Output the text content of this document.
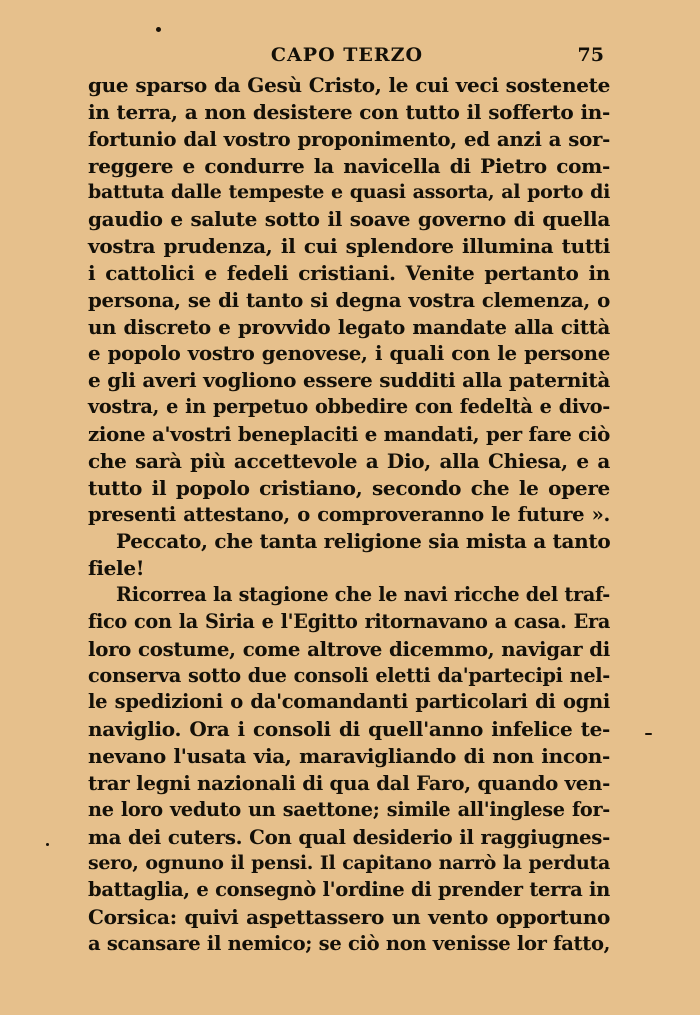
CAPO TERZO	75
gue sparso da Gesù Cristo, le cui veci sostenete
in terra, a non desistere con tutto il sofferto in-
fortunio dal vostro proponimento, ed anzi a sor-
reggere e condurre la navicella di Pietro com-
battuta dalle tempeste e quasi assorta, al porto di
gaudio e salute sotto il soave governo di quella
vostra prudenza, il cui splendore illumina tutti
i cattolici e fedeli cristiani. Venite pertanto in
persona, se di tanto si degna vostra clemenza, o
un discreto e provvido legato mandate alla città
e popolo vostro genovese, i quali con le persone
e gli averi vogliono essere sudditi alla paternità
vostra, e in perpetuo obbedire con fedeltà e divo-
zione a'vostri beneplaciti e mandati, per fare ciò
che sarà più accettevole a Dio, alla Chiesa, e a
tutto il popolo cristiano, secondo che le opere
presenti attestano, o comproveranno le future ».
Peccato, che tanta religione sia mista a tanto
fiele!
Ricorrea la stagione che le navi ricche del traf-
fico con la Siria e l'Egitto ritornavano a casa. Era
loro costume, come altrove dicemmo, navigar di
conserva sotto due consoli eletti da'partecipi nel-
le spedizioni o da'comandanti particolari di ogni
naviglio. Ora i consoli di quell'anno infelice te-
nevano l'usata via, maravigliando di non incon-
trar legni nazionali di qua dal Faro, quando ven-
ne loro veduto un saettone; simile all'inglese for-
ma dei cuters. Con qual desiderio il raggiugnes-
sero, ognuno il pensi. Il capitano narrò la perduta
battaglia, e consegnò l'ordine di prender terra in
Corsica: quivi aspettassero un vento opportuno
a scansare il nemico; se ciò non venisse lor fatto,
